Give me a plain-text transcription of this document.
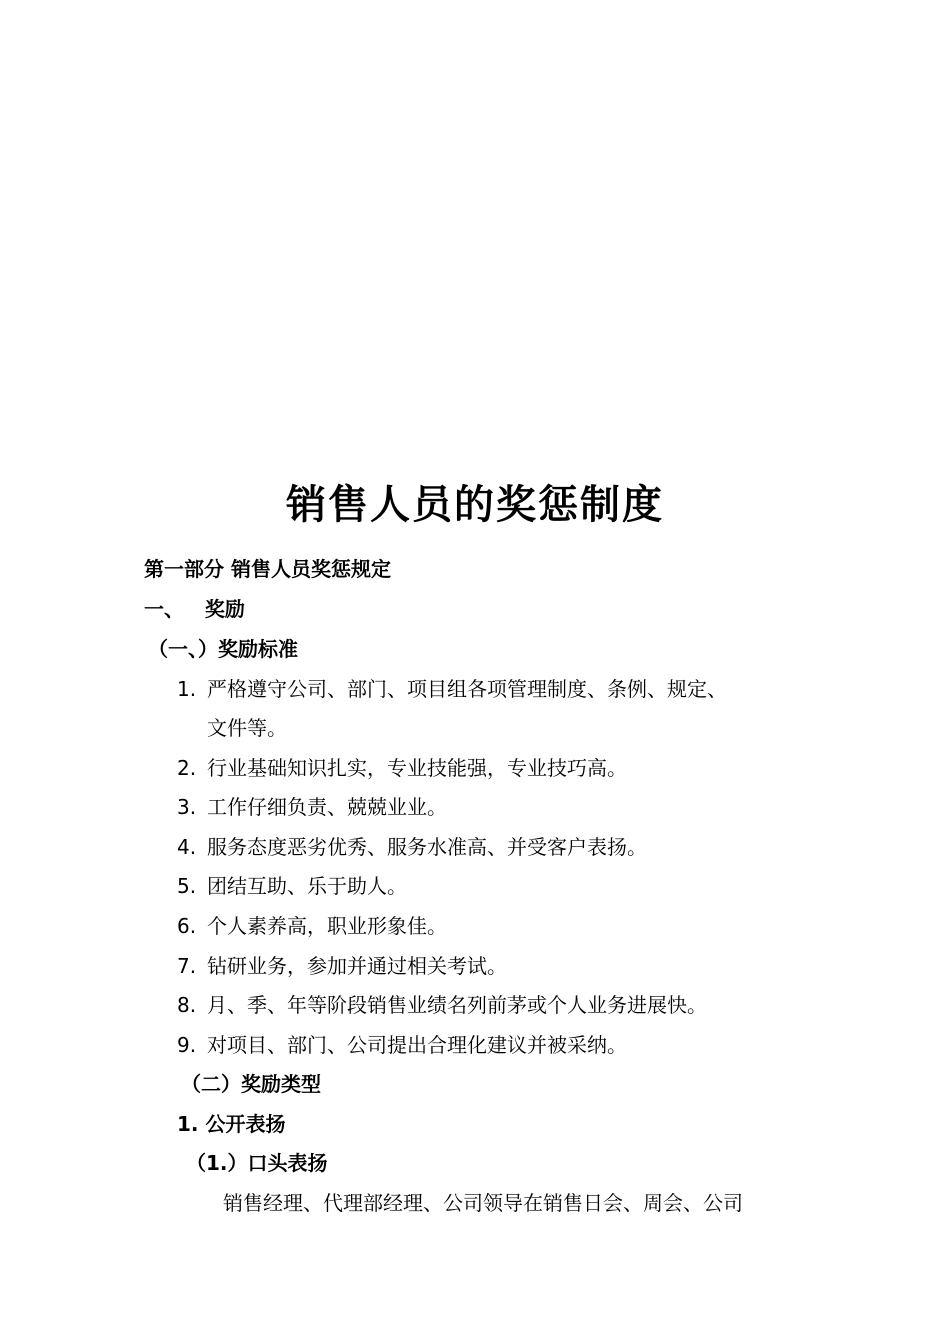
销售人员的奖惩制度
第一部分 销售人员奖惩规定
一、   奖励
（一、）奖励标准
1. 严格遵守公司、部门、项目组各项管理制度、条例、规定、
文件等。
2. 行业基础知识扎实，专业技能强，专业技巧高。
3. 工作仔细负责、兢兢业业。
4. 服务态度恶劣优秀、服务水准高、并受客户表扬。
5. 团结互助、乐于助人。
6. 个人素养高，职业形象佳。
7. 钻研业务，参加并通过相关考试。
8. 月、季、年等阶段销售业绩名列前茅或个人业务进展快。
9. 对项目、部门、公司提出合理化建议并被采纳。
（二）奖励类型
1. 公开表扬
（1.）口头表扬
销售经理、代理部经理、公司领导在销售日会、周会、公司
